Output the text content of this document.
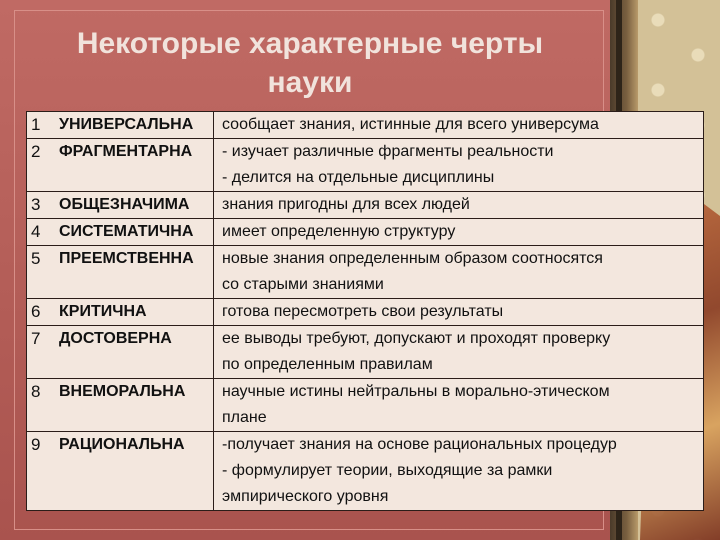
Некоторые характерные черты
науки
1	УНИВЕРСАЛЬНА	сообщает знания, истинные для всего универсума

2	ФРАГМЕНТАРНА	- изучает различные фрагменты реальности
- делится на отдельные дисциплины

3	ОБЩЕЗНАЧИМА	знания пригодны для всех людей

4	СИСТЕМАТИЧНА	имеет определенную структуру

5	ПРЕЕМСТВЕННА	новые знания определенным образом соотносятся
со старыми знаниями

6	КРИТИЧНА	готова пересмотреть свои результаты

7	ДОСТОВЕРНА	ее выводы требуют, допускают и проходят проверку
по определенным правилам

8	ВНЕМОРАЛЬНА	научные истины нейтральны в морально-этическом
плане

9	РАЦИОНАЛЬНА	-получает знания на основе рациональных процедур
- формулирует теории, выходящие за рамки
эмпирического уровня
